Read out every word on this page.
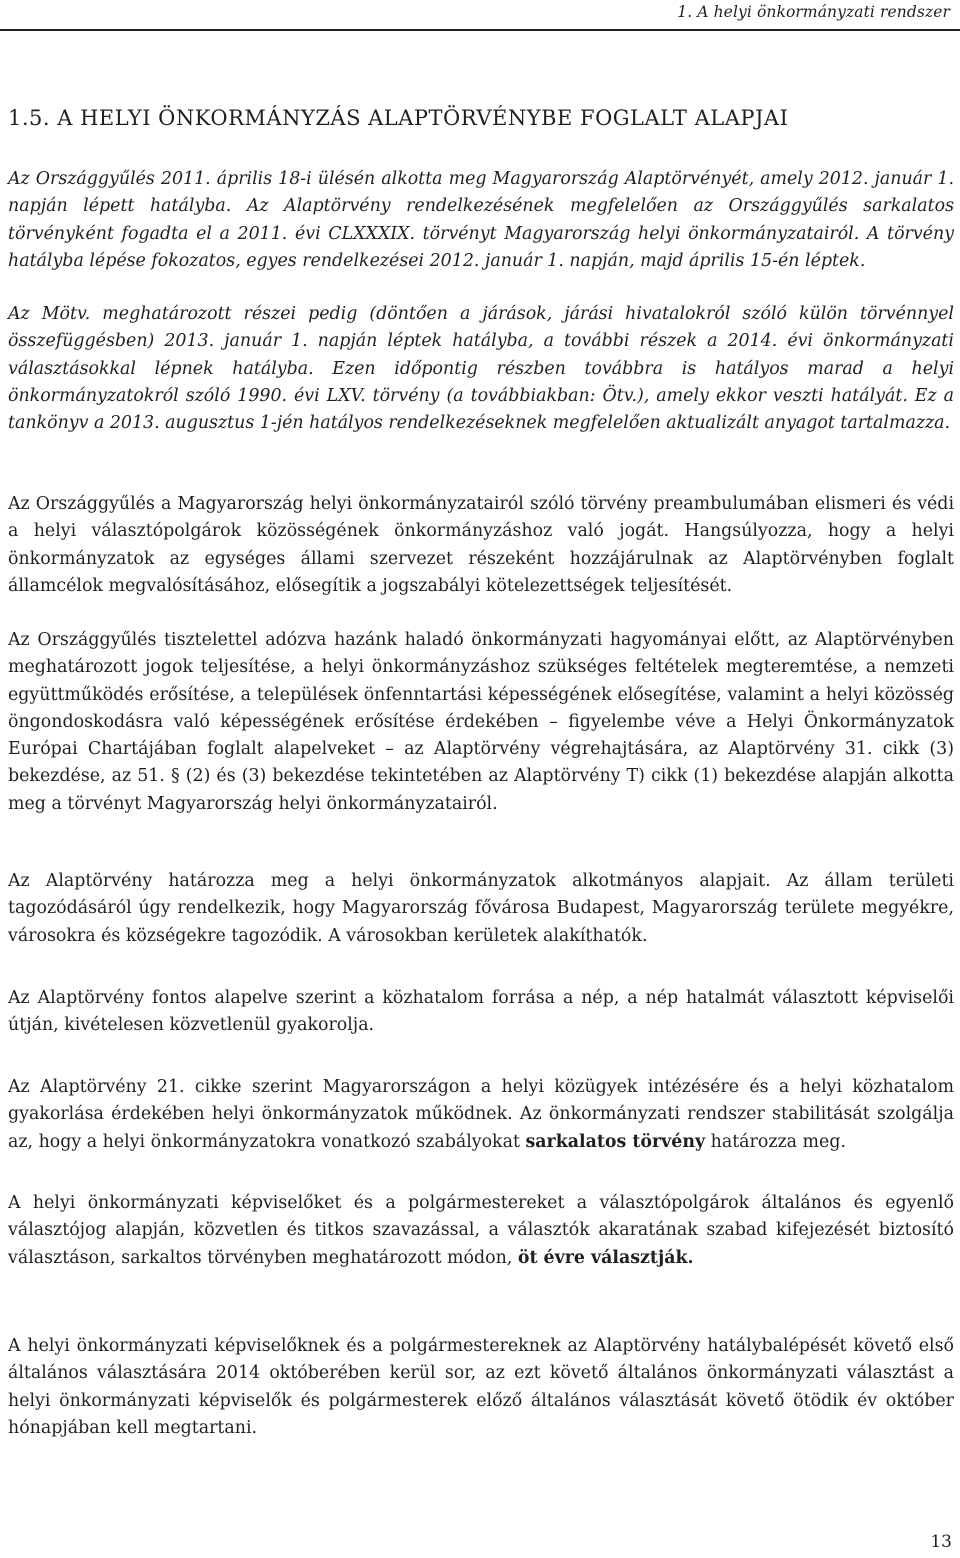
1. A helyi önkormányzati rendszer
1.5. A HELYI ÖNKORMÁNYZÁS ALAPTÖRVÉNYBE FOGLALT ALAPJAI

Az Országgyűlés 2011. április 18-i ülésén alkotta meg Magyarország Alaptörvényét, amely 2012. január 1. napján lépett hatályba. Az Alaptörvény rendelkezésének megfelelően az Országgyűlés sarkalatos törvényként fogadta el a 2011. évi CLXXXIX. törvényt Magyarország helyi önkormányzatairól. A törvény hatályba lépése fokozatos, egyes rendelkezései 2012. január 1. napján, majd április 15-én léptek.

Az Mötv. meghatározott részei pedig (döntően a járások, járási hivatalokról szóló külön törvénnyel összefüggésben) 2013. január 1. napján léptek hatályba, a további részek a 2014. évi önkormányzati választásokkal lépnek hatályba. Ezen időpontig részben továbbra is hatályos marad a helyi önkormányzatokról szóló 1990. évi LXV. törvény (a továbbiakban: Ötv.), amely ekkor veszti hatályát. Ez a tankönyv a 2013. augusztus 1-jén hatályos rendelkezéseknek megfelelően aktualizált anyagot tartalmazza.

Az Országgyűlés a Magyarország helyi önkormányzatairól szóló törvény preambulumában elismeri és védi a helyi választópolgárok közösségének önkormányzáshoz való jogát. Hangsúlyozza, hogy a helyi önkormányzatok az egységes állami szervezet részeként hozzájárulnak az Alaptörvényben foglalt államcélok megvalósításához, elősegítik a jogszabályi kötelezettségek teljesítését.

Az Országgyűlés tisztelettel adózva hazánk haladó önkormányzati hagyományai előtt, az Alaptörvényben meghatározott jogok teljesítése, a helyi önkormányzáshoz szükséges feltételek megteremtése, a nemzeti együttműködés erősítése, a települések önfenntartási képességének elősegítése, valamint a helyi közösség öngondoskodásra való képességének erősítése érdekében – figyelembe véve a Helyi Önkormányzatok Európai Chartájában foglalt alapelveket – az Alaptörvény végrehajtására, az Alaptörvény 31. cikk (3) bekezdése, az 51. § (2) és (3) bekezdése tekintetében az Alaptörvény T) cikk (1) bekezdése alapján alkotta meg a törvényt Magyarország helyi önkormányzatairól.

Az Alaptörvény határozza meg a helyi önkormányzatok alkotmányos alapjait. Az állam területi tagozódásáról úgy rendelkezik, hogy Magyarország fővárosa Budapest, Magyarország területe megyékre, városokra és községekre tagozódik. A városokban kerületek alakíthatók.

Az Alaptörvény fontos alapelve szerint a közhatalom forrása a nép, a nép hatalmát választott képviselői útján, kivételesen közvetlenül gyakorolja.

Az Alaptörvény 21. cikke szerint Magyarországon a helyi közügyek intézésére és a helyi közhatalom gyakorlása érdekében helyi önkormányzatok működnek. Az önkormányzati rendszer stabilitását szolgálja az, hogy a helyi önkormányzatokra vonatkozó szabályokat sarkalatos törvény határozza meg.

A helyi önkormányzati képviselőket és a polgármestereket a választópolgárok általános és egyenlő választójog alapján, közvetlen és titkos szavazással, a választók akaratának szabad kifejezését biztosító választáson, sarkaltos törvényben meghatározott módon, öt évre választják.

A helyi önkormányzati képviselőknek és a polgármestereknek az Alaptörvény hatálybalépését követő első általános választására 2014 októberében kerül sor, az ezt követő általános önkormányzati választást a helyi önkormányzati képviselők és polgármesterek előző általános választását követő ötödik év október hónapjában kell megtartani.

13
